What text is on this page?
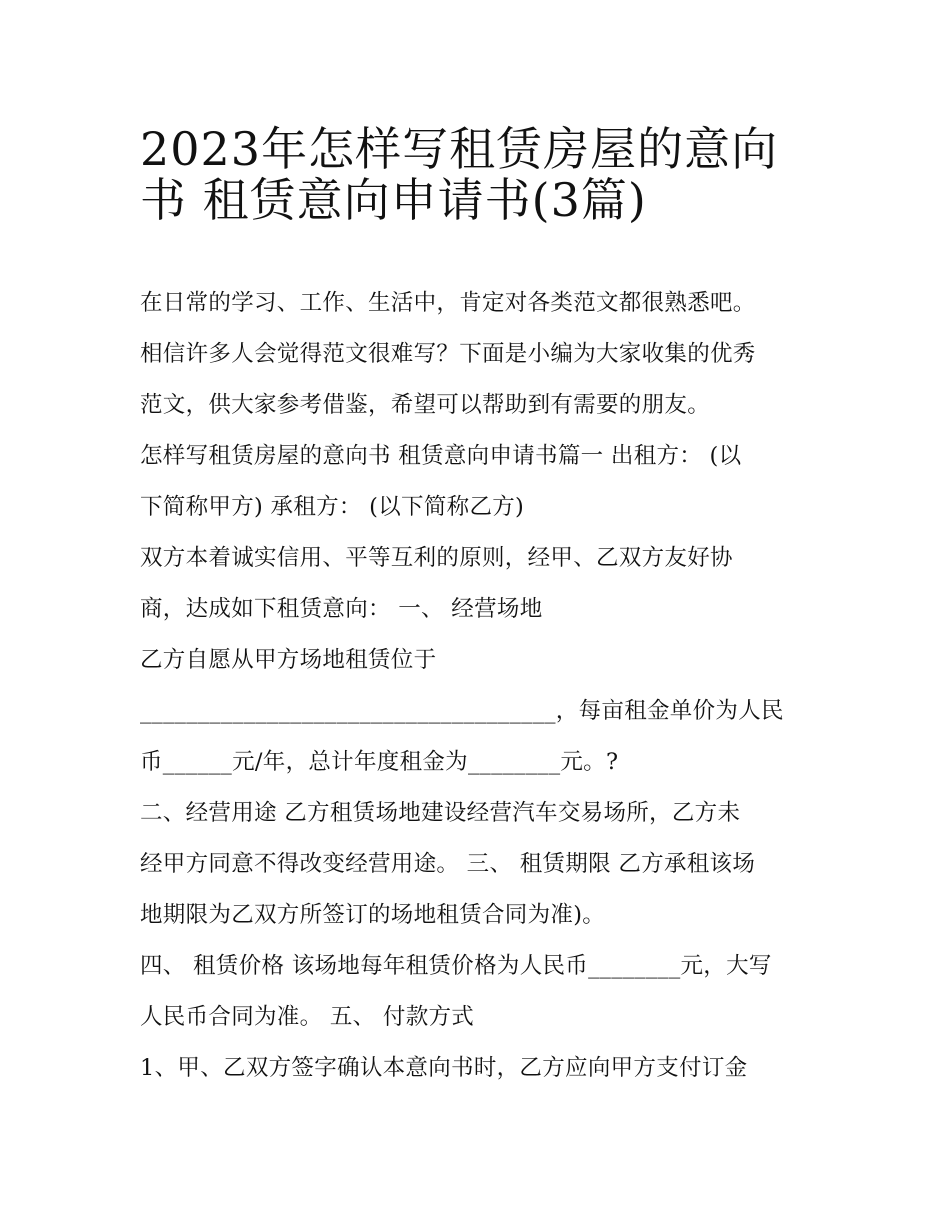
2023年怎样写租赁房屋的意向
书 租赁意向申请书(3篇)

在日常的学习、工作、生活中，肯定对各类范文都很熟悉吧。
相信许多人会觉得范文很难写？下面是小编为大家收集的优秀
范文，供大家参考借鉴，希望可以帮助到有需要的朋友。

怎样写租赁房屋的意向书 租赁意向申请书篇一 出租方： (以
下简称甲方) 承租方： (以下简称乙方)

双方本着诚实信用、平等互利的原则，经甲、乙双方友好协
商，达成如下租赁意向： 一、 经营场地

乙方自愿从甲方场地租赁位于
____________________________________，每亩租金单价为人民
币______元/年，总计年度租金为________元。?

二、经营用途 乙方租赁场地建设经营汽车交易场所，乙方未
经甲方同意不得改变经营用途。 三、 租赁期限 乙方承租该场
地期限为乙双方所签订的场地租赁合同为准)。

四、 租赁价格 该场地每年租赁价格为人民币________元，大写
人民币合同为准。 五、 付款方式

1、甲、乙双方签字确认本意向书时，乙方应向甲方支付订金
